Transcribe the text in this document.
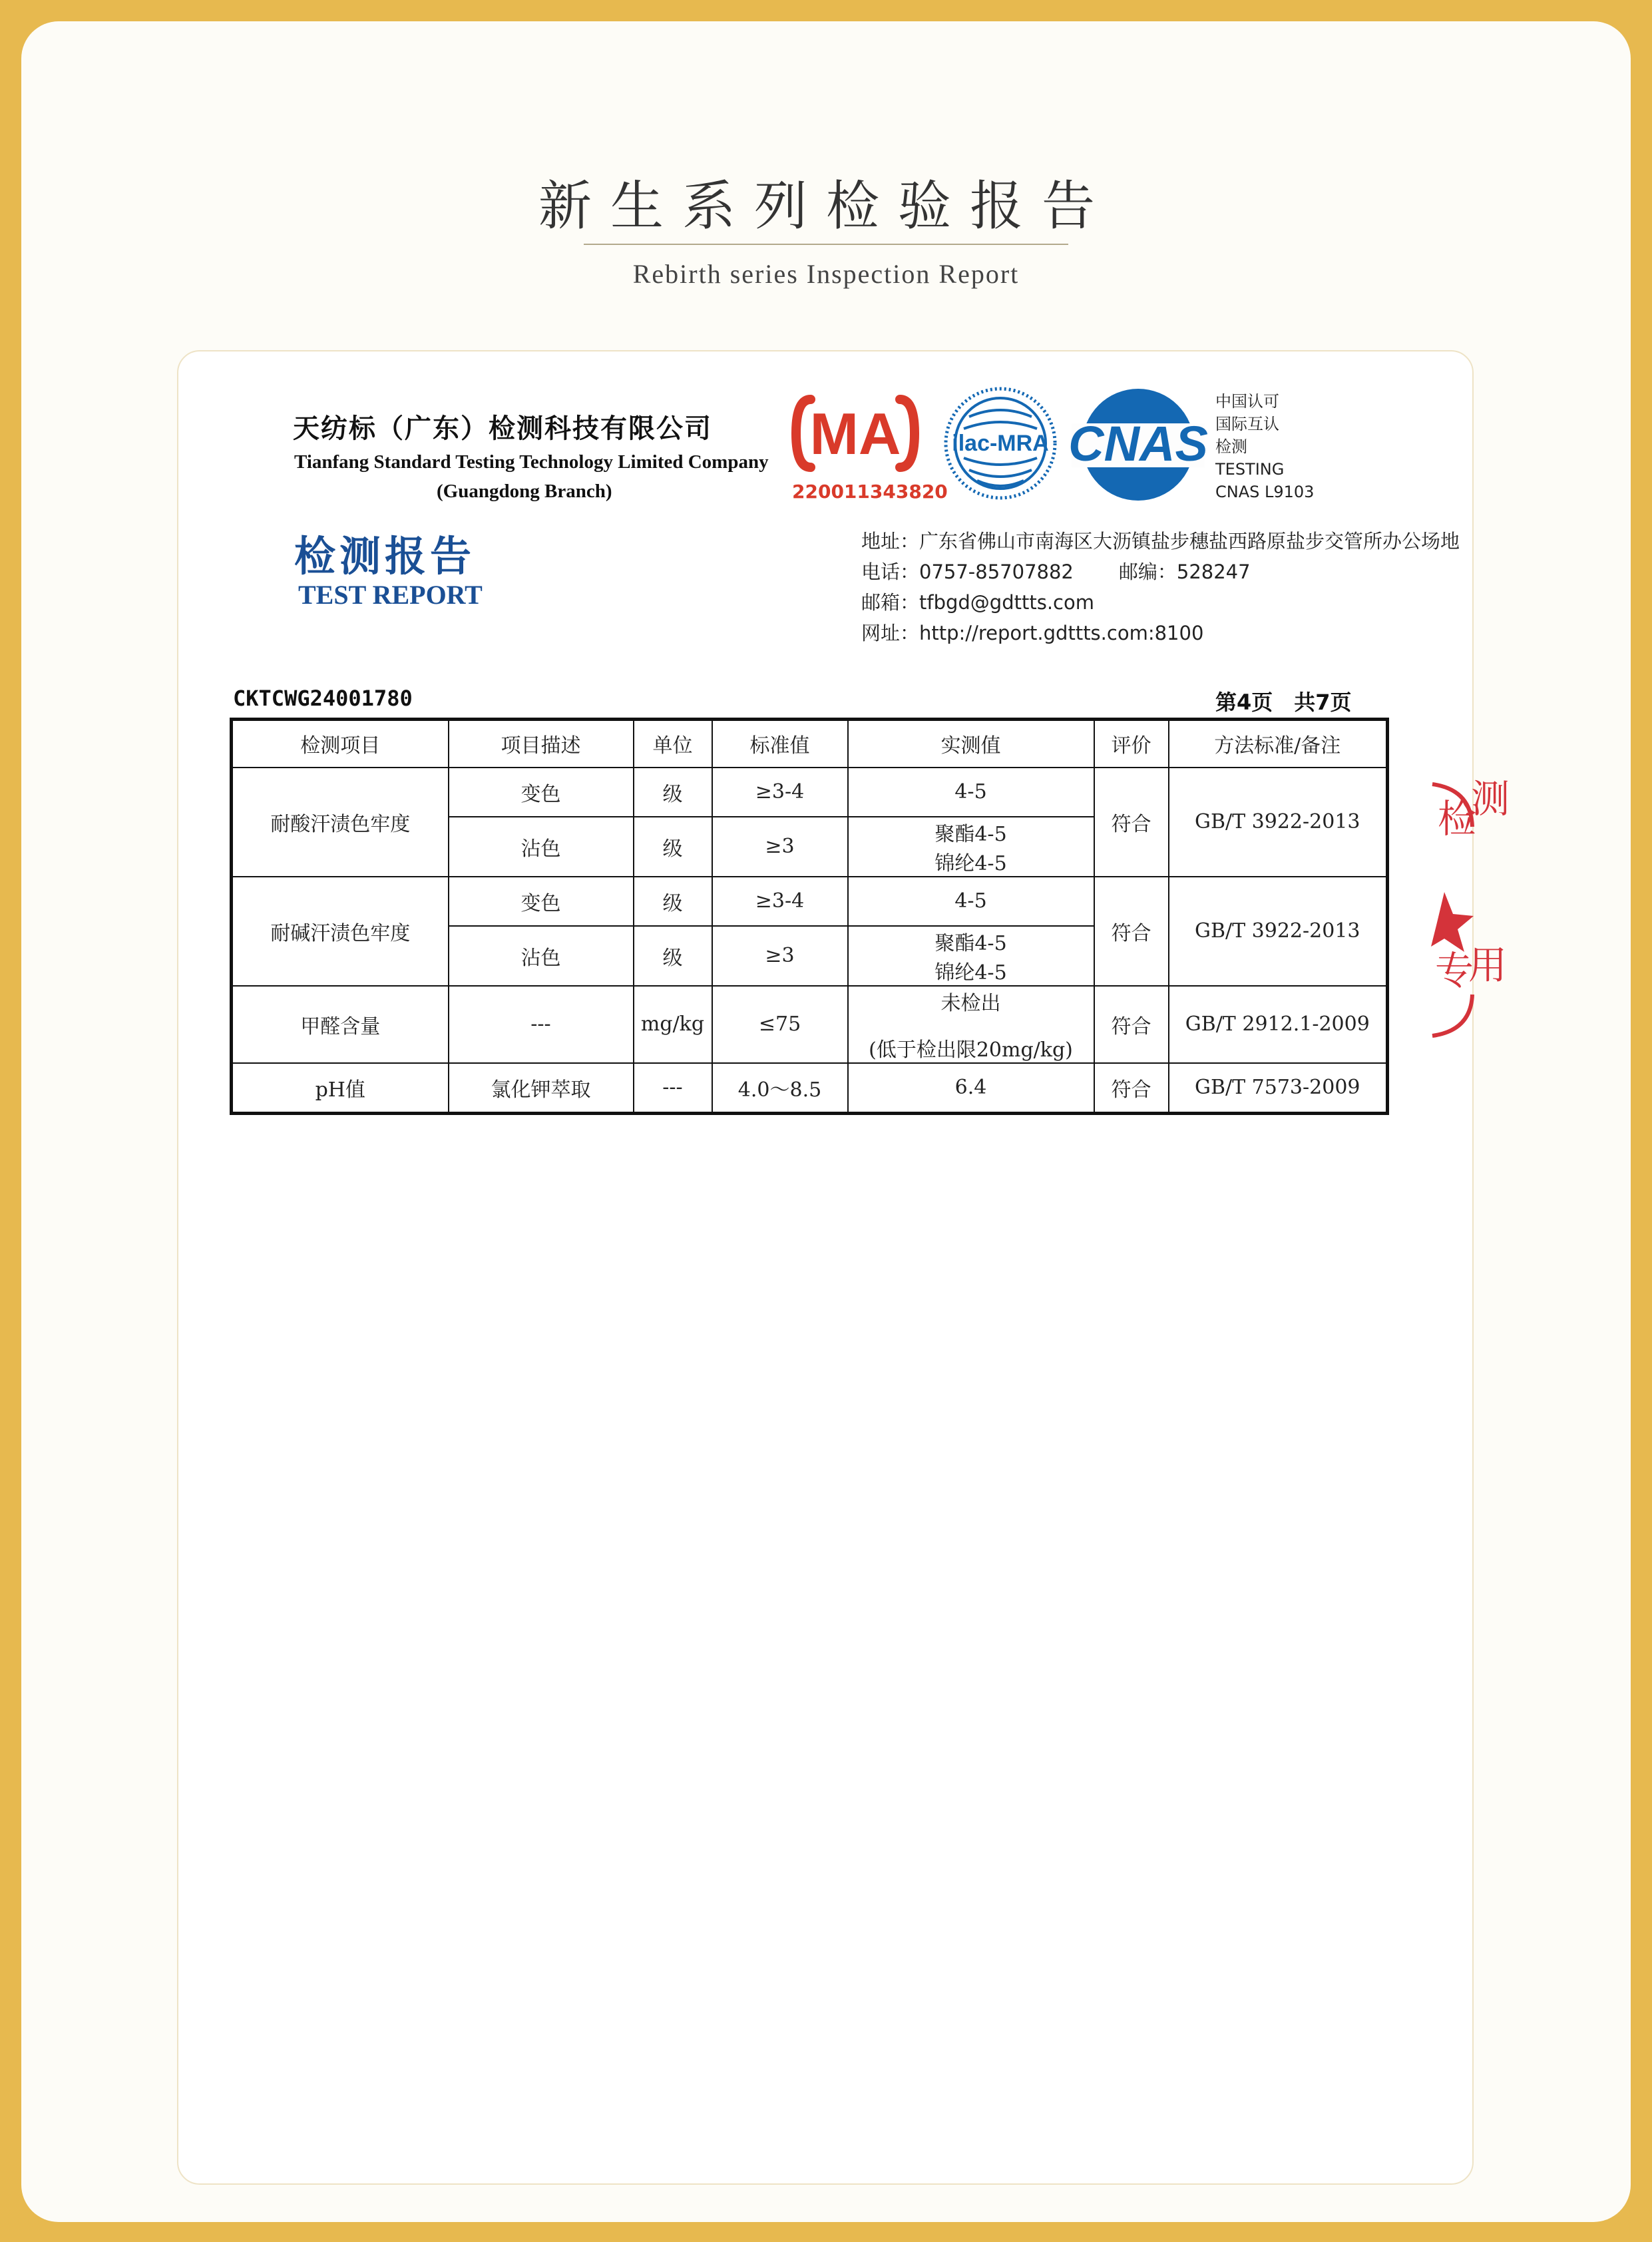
新生系列检验报告
Rebirth series Inspection Report
天纺标（广东）检测科技有限公司
Tianfang Standard Testing Technology Limited Company
(Guangdong Branch)
检测报告
TEST REPORT
MA
220011343820
ilac-MRA CNAS
中国认可
国际互认
检测
TESTING
CNAS L9103
地址：广东省佛山市南海区大沥镇盐步穗盐西路原盐步交管所办公场地
电话：0757-85707882 邮编：528247
邮箱：tfbgd@gdttts.com
网址：http://report.gdttts.com:8100
CKTCWG24001780	第4页　共7页
检测项目	项目描述	单位	标准值	实测值	评价	方法标准/备注
耐酸汗渍色牢度	变色	级	≥3-4	4-5	符合	GB/T 3922-2013
	沾色	级	≥3	聚酯4-5
锦纶4-5		

耐碱汗渍色牢度	变色	级	≥3-4	4-5	符合	GB/T 3922-2013
	沾色	级	≥3	聚酯4-5
锦纶4-5		

甲醛含量	---	mg/kg	≤75	未检出
(低于检出限20mg/kg)	符合	GB/T 2912.1-2009
pH值	氯化钾萃取	---	4.0～8.5	6.4	符合	GB/T 7573-2009
检
测
专
用
